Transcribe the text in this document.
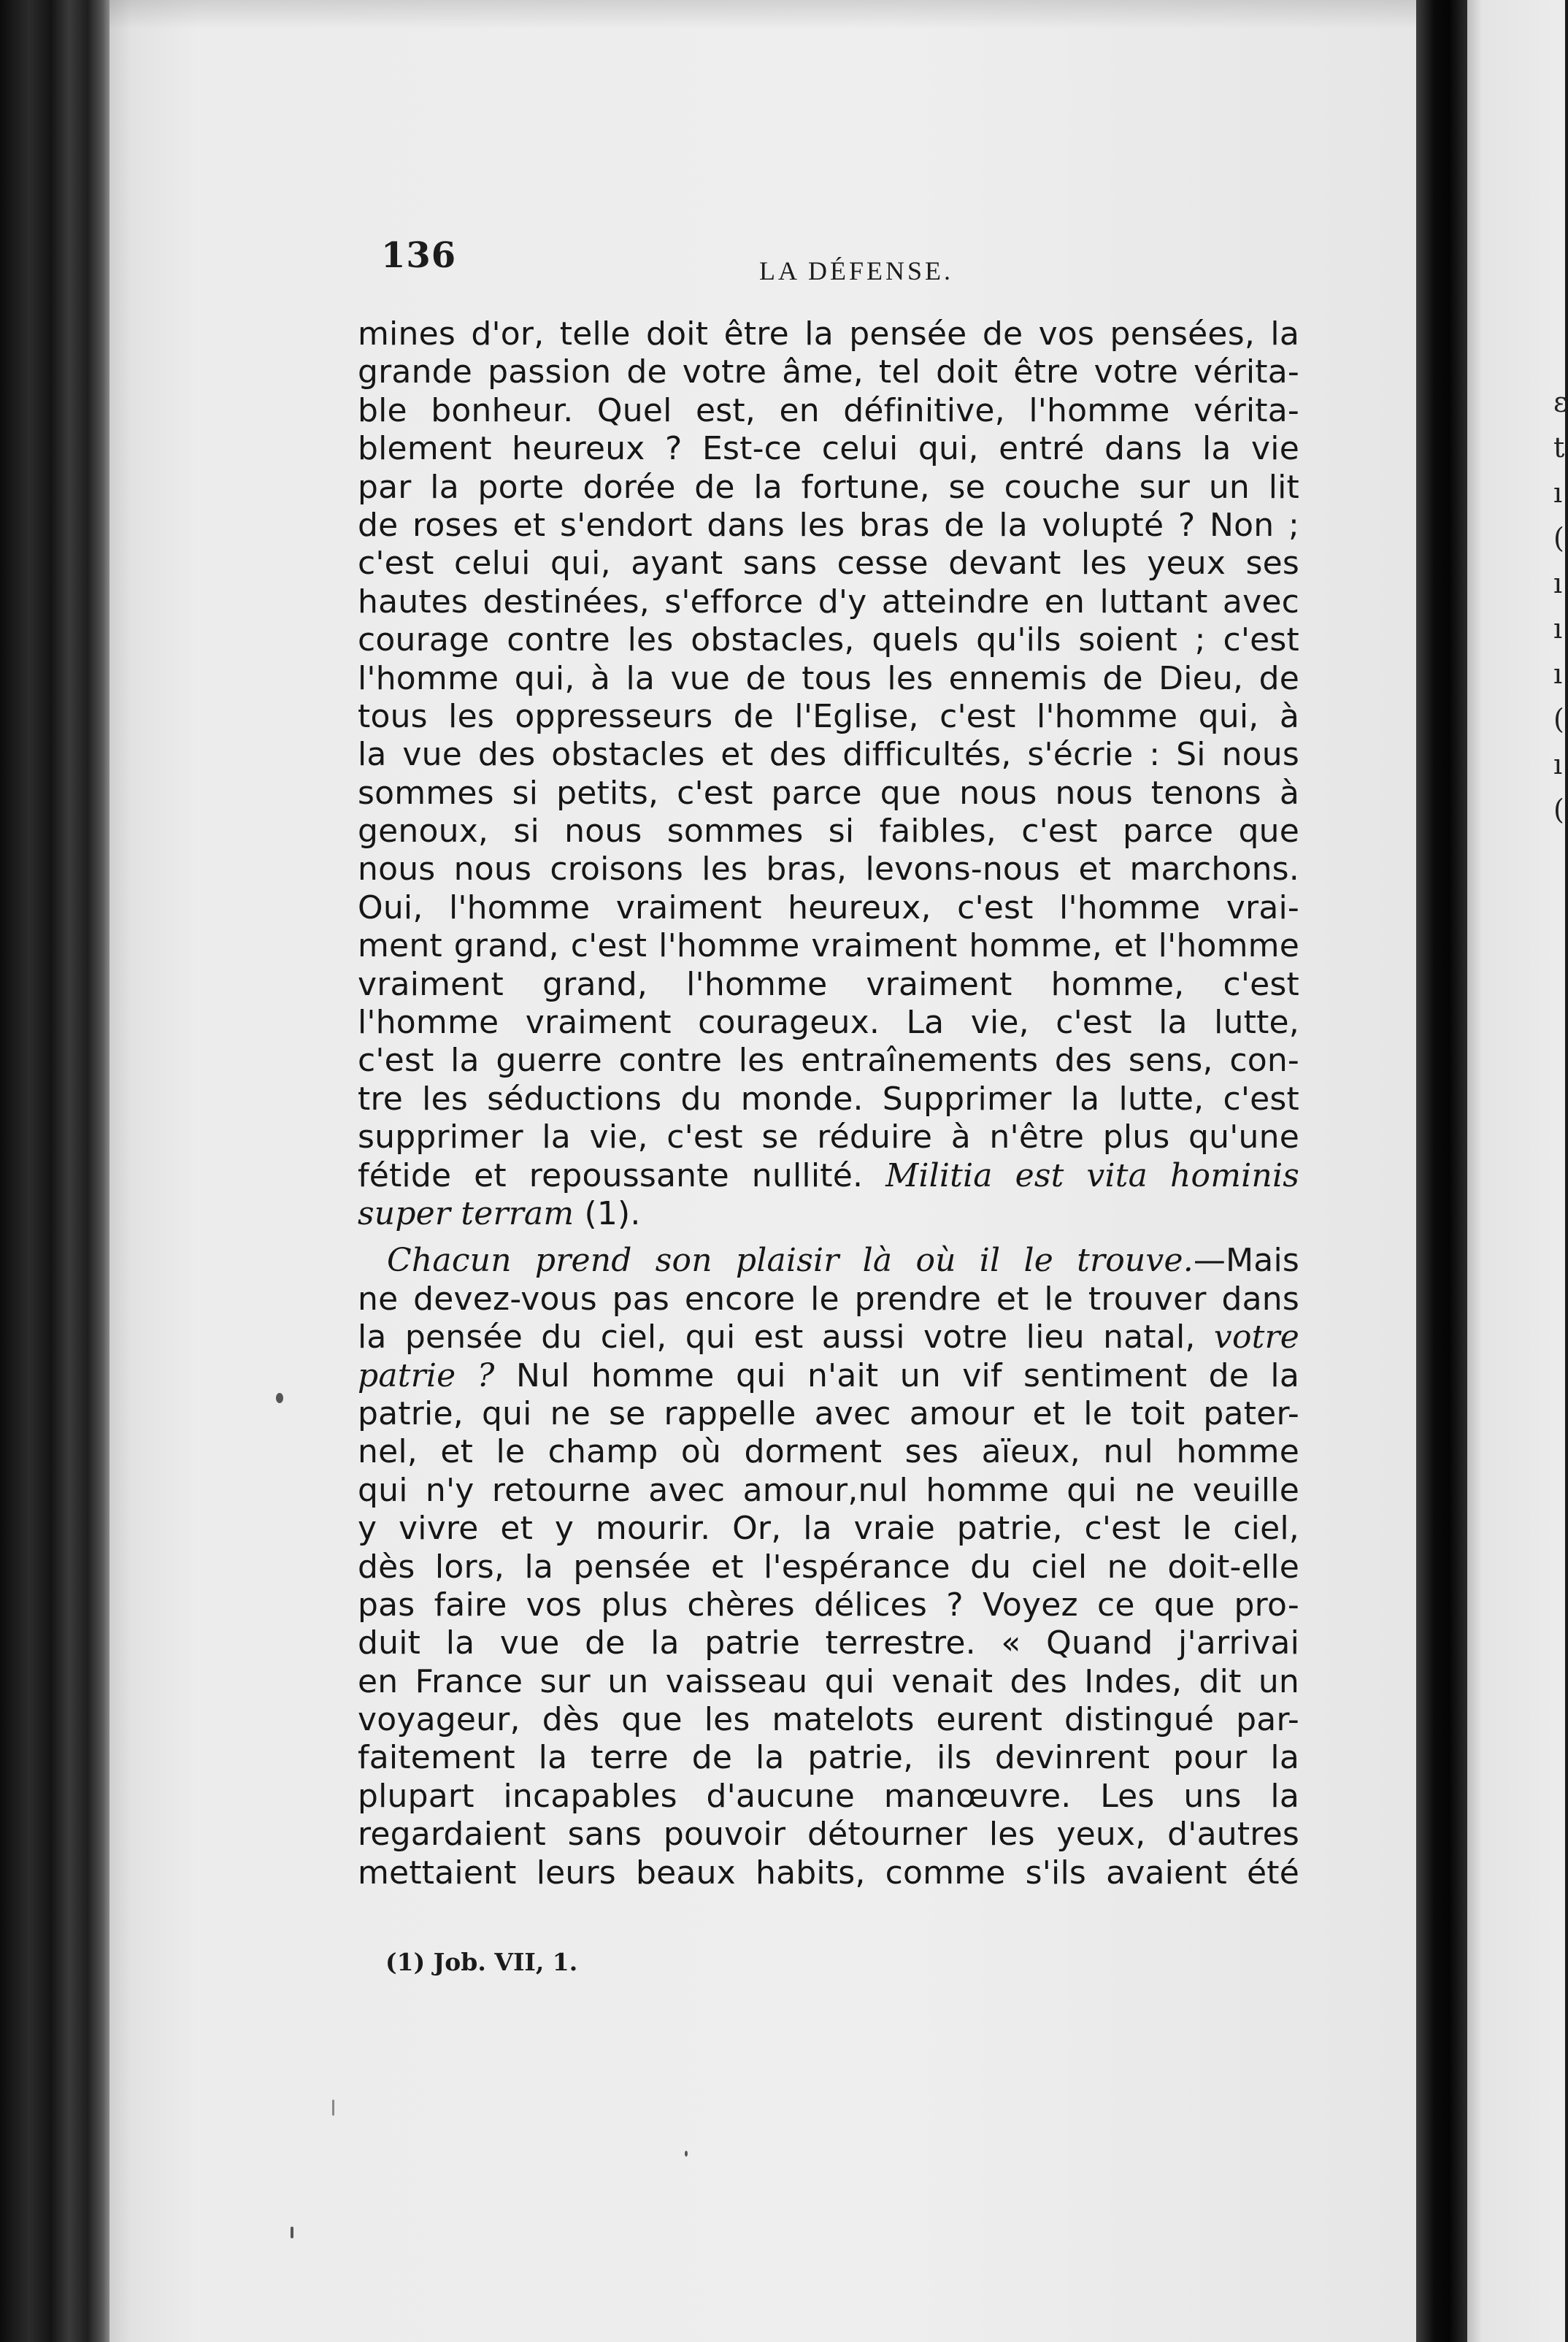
ε
t
ı
(
ı
ı
ı
(
ı
(
136	LA DÉFENSE.
mines d'or, telle doit être la pensée de vos pensées, la
grande passion de votre âme, tel doit être votre vérita-
ble bonheur. Quel est, en définitive, l'homme vérita-
blement heureux ? Est-ce celui qui, entré dans la vie
par la porte dorée de la fortune, se couche sur un lit
de roses et s'endort dans les bras de la volupté ? Non ;
c'est celui qui, ayant sans cesse devant les yeux ses
hautes destinées, s'efforce d'y atteindre en luttant avec
courage contre les obstacles, quels qu'ils soient ; c'est
l'homme qui, à la vue de tous les ennemis de Dieu, de
tous les oppresseurs de l'Eglise, c'est l'homme qui, à
la vue des obstacles et des difficultés, s'écrie : Si nous
sommes si petits, c'est parce que nous nous tenons à
genoux, si nous sommes si faibles, c'est parce que
nous nous croisons les bras, levons-nous et marchons.
Oui, l'homme vraiment heureux, c'est l'homme vrai-
ment grand, c'est l'homme vraiment homme, et l'homme
vraiment grand, l'homme vraiment homme, c'est
l'homme vraiment courageux. La vie, c'est la lutte,
c'est la guerre contre les entraînements des sens, con-
tre les séductions du monde. Supprimer la lutte, c'est
supprimer la vie, c'est se réduire à n'être plus qu'une
fétide et repoussante nullité. Militia est vita hominis
super terram (1).
Chacun prend son plaisir là où il le trouve.—Mais
ne devez-vous pas encore le prendre et le trouver dans
la pensée du ciel, qui est aussi votre lieu natal, votre
patrie ? Nul homme qui n'ait un vif sentiment de la
patrie, qui ne se rappelle avec amour et le toit pater-
nel, et le champ où dorment ses aïeux, nul homme
qui n'y retourne avec amour,nul homme qui ne veuille
y vivre et y mourir. Or, la vraie patrie, c'est le ciel,
dès lors, la pensée et l'espérance du ciel ne doit-elle
pas faire vos plus chères délices ? Voyez ce que pro-
duit la vue de la patrie terrestre. « Quand j'arrivai
en France sur un vaisseau qui venait des Indes, dit un
voyageur, dès que les matelots eurent distingué par-
faitement la terre de la patrie, ils devinrent pour la
plupart incapables d'aucune manœuvre. Les uns la
regardaient sans pouvoir détourner les yeux, d'autres
mettaient leurs beaux habits, comme s'ils avaient été
(1) Job. VII, 1.
